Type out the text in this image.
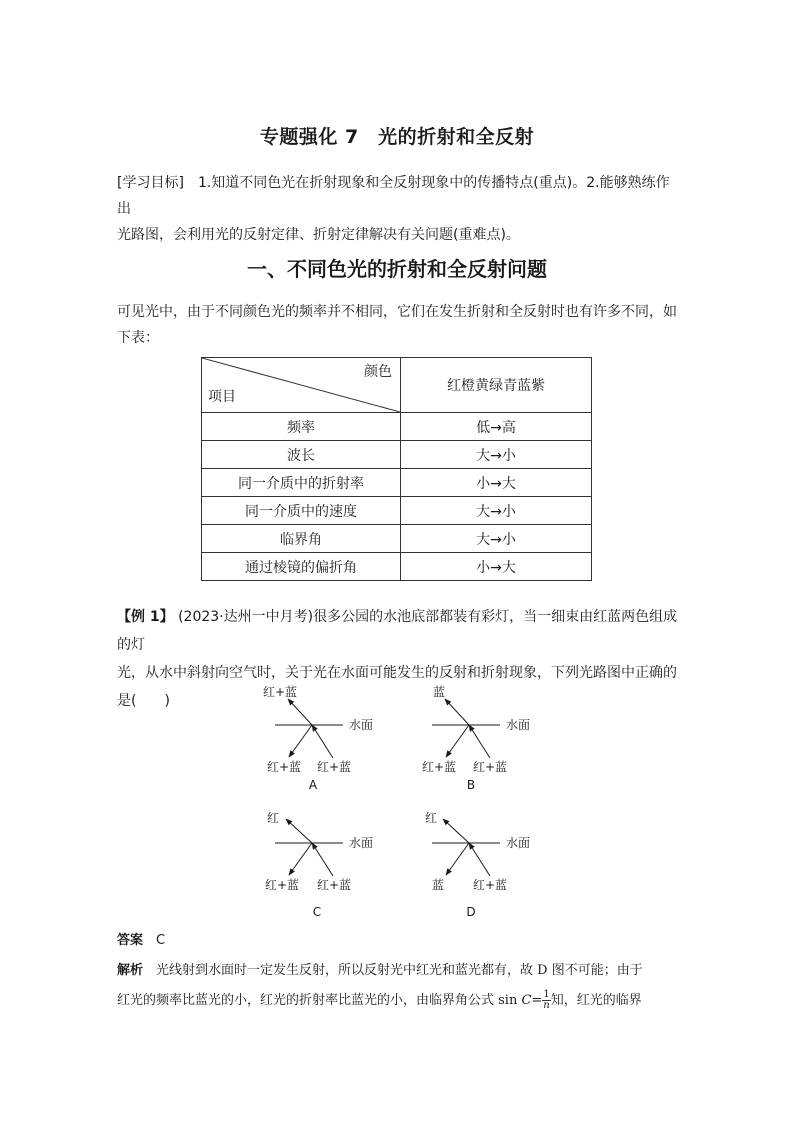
专题强化 7　光的折射和全反射
[学习目标]　 1.知道不同色光在折射现象和全反射现象中的传播特点(重点)。2.能够熟练作出
光路图，会利用光的反射定律、折射定律解决有关问题(重难点)。
一、不同色光的折射和全反射问题
可见光中，由于不同颜色光的频率并不相同，它们在发生折射和全反射时也有许多不同，如
下表：
颜色
项目	红橙黄绿青蓝紫
频率	低→高
波长	大→小
同一介质中的折射率	小→大
同一介质中的速度	大→小
临界角	大→小
通过棱镜的偏折角	小→大
【例 1】 (2023·达州一中月考)很多公园的水池底部都装有彩灯，当一细束由红蓝两色组成的灯
光，从水中斜射向空气时，关于光在水面可能发生的反射和折射现象，下列光路图中正确的
是(　　)
红+蓝
水面
红+蓝 红+蓝
A
蓝
水面
红+蓝 红+蓝
B
红
水面
红+蓝 红+蓝
C
红
水面
蓝 红+蓝
D
答案　 C
解析　 光线射到水面时一定发生反射，所以反射光中红光和蓝光都有，故 D 图不可能；由于
红光的频率比蓝光的小，红光的折射率比蓝光的小，由临界角公式 $\sin C= \frac{1}{n}$ 知，红光的临界
